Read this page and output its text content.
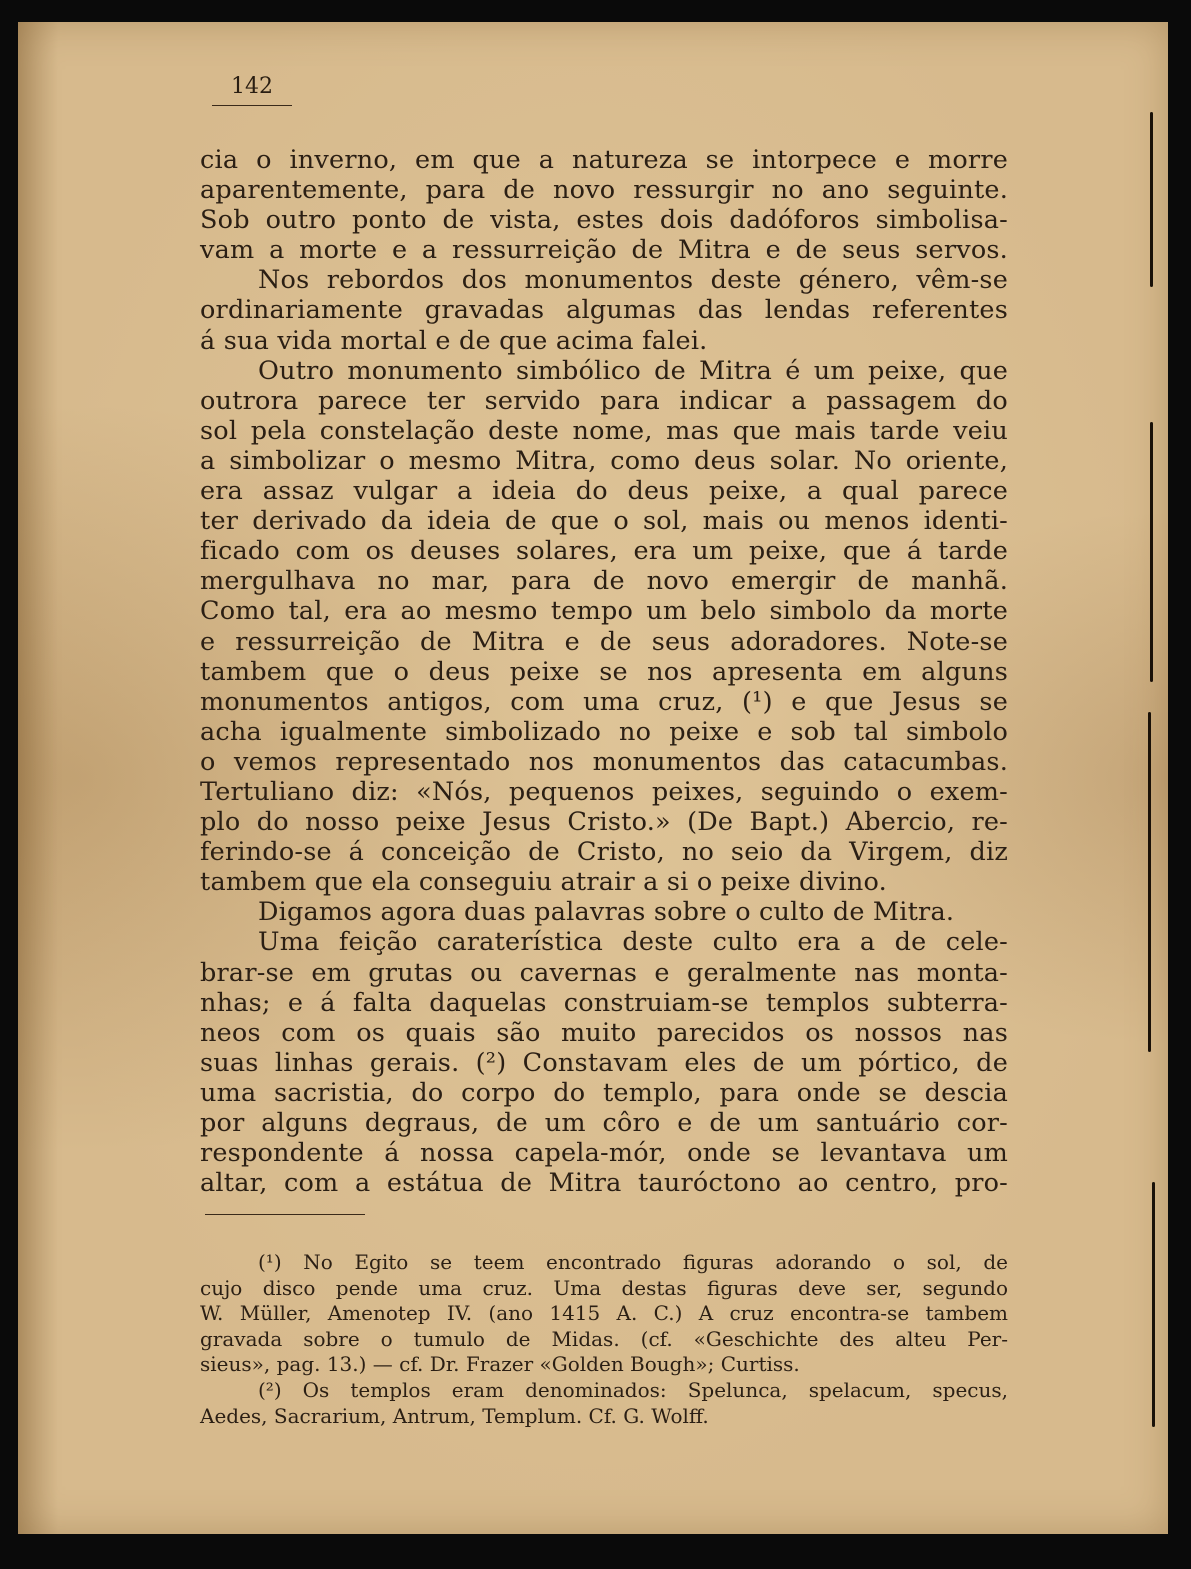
142
cia o inverno, em que a natureza se intorpece e morre
aparentemente, para de novo ressurgir no ano seguinte.
Sob outro ponto de vista, estes dois dadóforos simbolisa-
vam a morte e a ressurreição de Mitra e de seus servos.
Nos rebordos dos monumentos deste género, vêm-se
ordinariamente gravadas algumas das lendas referentes
á sua vida mortal e de que acima falei.
Outro monumento simbólico de Mitra é um peixe, que
outrora parece ter servido para indicar a passagem do
sol pela constelação deste nome, mas que mais tarde veiu
a simbolizar o mesmo Mitra, como deus solar. No oriente,
era assaz vulgar a ideia do deus peixe, a qual parece
ter derivado da ideia de que o sol, mais ou menos identi-
ficado com os deuses solares, era um peixe, que á tarde
mergulhava no mar, para de novo emergir de manhã.
Como tal, era ao mesmo tempo um belo simbolo da morte
e ressurreição de Mitra e de seus adoradores. Note-se
tambem que o deus peixe se nos apresenta em alguns
monumentos antigos, com uma cruz, (¹) e que Jesus se
acha igualmente simbolizado no peixe e sob tal simbolo
o vemos representado nos monumentos das catacumbas.
Tertuliano diz: «Nós, pequenos peixes, seguindo o exem-
plo do nosso peixe Jesus Cristo.» (De Bapt.) Abercio, re-
ferindo-se á conceição de Cristo, no seio da Virgem, diz
tambem que ela conseguiu atrair a si o peixe divino.
Digamos agora duas palavras sobre o culto de Mitra.
Uma feição caraterística deste culto era a de cele-
brar-se em grutas ou cavernas e geralmente nas monta-
nhas; e á falta daquelas construiam-se templos subterra-
neos com os quais são muito parecidos os nossos nas
suas linhas gerais. (²) Constavam eles de um pórtico, de
uma sacristia, do corpo do templo, para onde se descia
por alguns degraus, de um côro e de um santuário cor-
respondente á nossa capela-mór, onde se levantava um
altar, com a estátua de Mitra tauróctono ao centro, pro-
(¹) No Egito se teem encontrado figuras adorando o sol, de
cujo disco pende uma cruz. Uma destas figuras deve ser, segundo
W. Müller, Amenotep IV. (ano 1415 A. C.) A cruz encontra-se tambem
gravada sobre o tumulo de Midas. (cf. «Geschichte des alteu Per-
sieus», pag. 13.) — cf. Dr. Frazer «Golden Bough»; Curtiss.
(²) Os templos eram denominados: Spelunca, spelacum, specus,
Aedes, Sacrarium, Antrum, Templum. Cf. G. Wolff.
